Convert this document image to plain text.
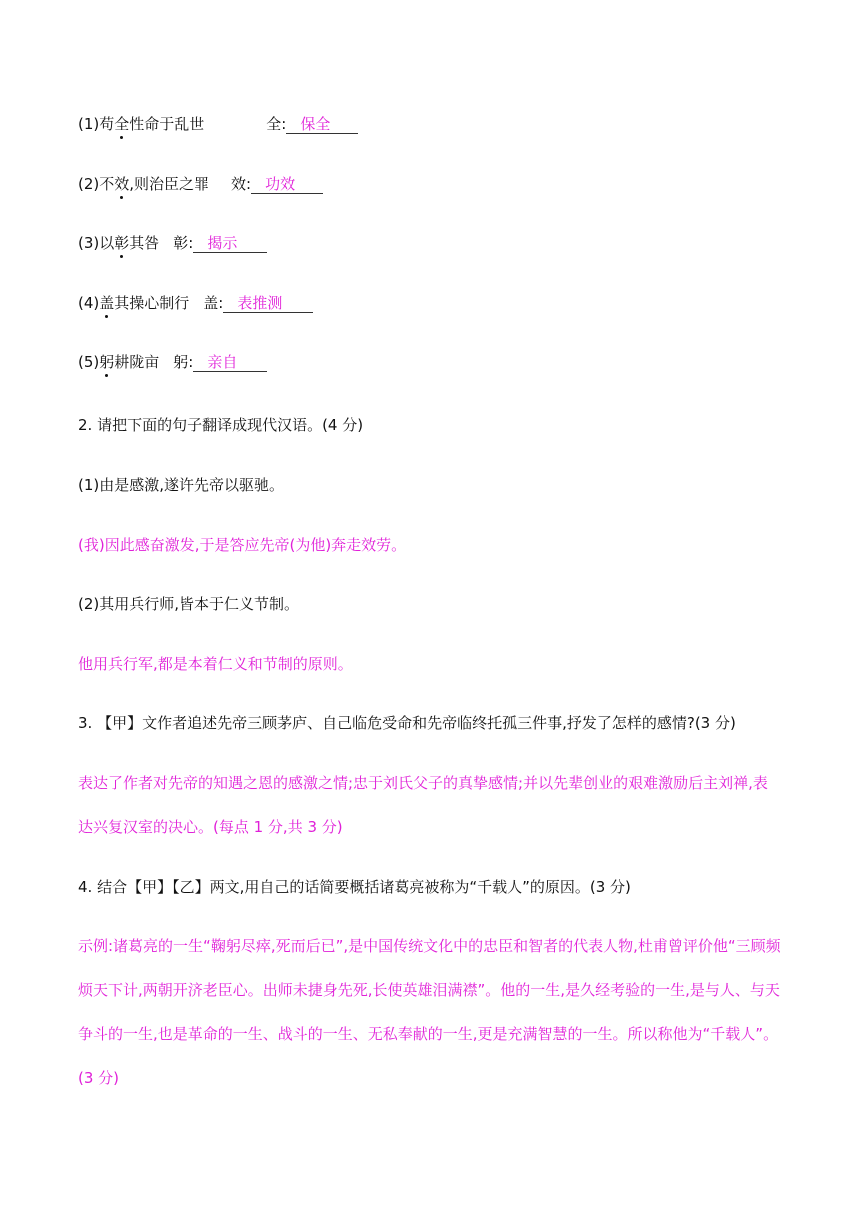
(1)苟全性命于乱世	全: 保全
(2)不效,则治臣之罪 效: 功效
(3)以彰其咎 彰: 揭示
(4)盖其操心制行 盖: 表推测
(5)躬耕陇亩 躬: 亲自
2. 请把下面的句子翻译成现代汉语。(4 分)
(1)由是感激,遂许先帝以驱驰。
(我)因此感奋激发,于是答应先帝(为他)奔走效劳。
(2)其用兵行师,皆本于仁义节制。
他用兵行军,都是本着仁义和节制的原则。
3. 【甲】文作者追述先帝三顾茅庐、自己临危受命和先帝临终托孤三件事,抒发了怎样的感情?(3 分)
表达了作者对先帝的知遇之恩的感激之情;忠于刘氏父子的真挚感情;并以先辈创业的艰难激励后主刘禅,表
达兴复汉室的决心。(每点 1 分,共 3 分)
4. 结合【甲】【乙】两文,用自己的话简要概括诸葛亮被称为“千载人”的原因。(3 分)
示例:诸葛亮的一生“鞠躬尽瘁,死而后已”,是中国传统文化中的忠臣和智者的代表人物,杜甫曾评价他“三顾频
烦天下计,两朝开济老臣心。出师未捷身先死,长使英雄泪满襟”。他的一生,是久经考验的一生,是与人、与天
争斗的一生,也是革命的一生、战斗的一生、无私奉献的一生,更是充满智慧的一生。所以称他为“千载人”。
(3 分)
